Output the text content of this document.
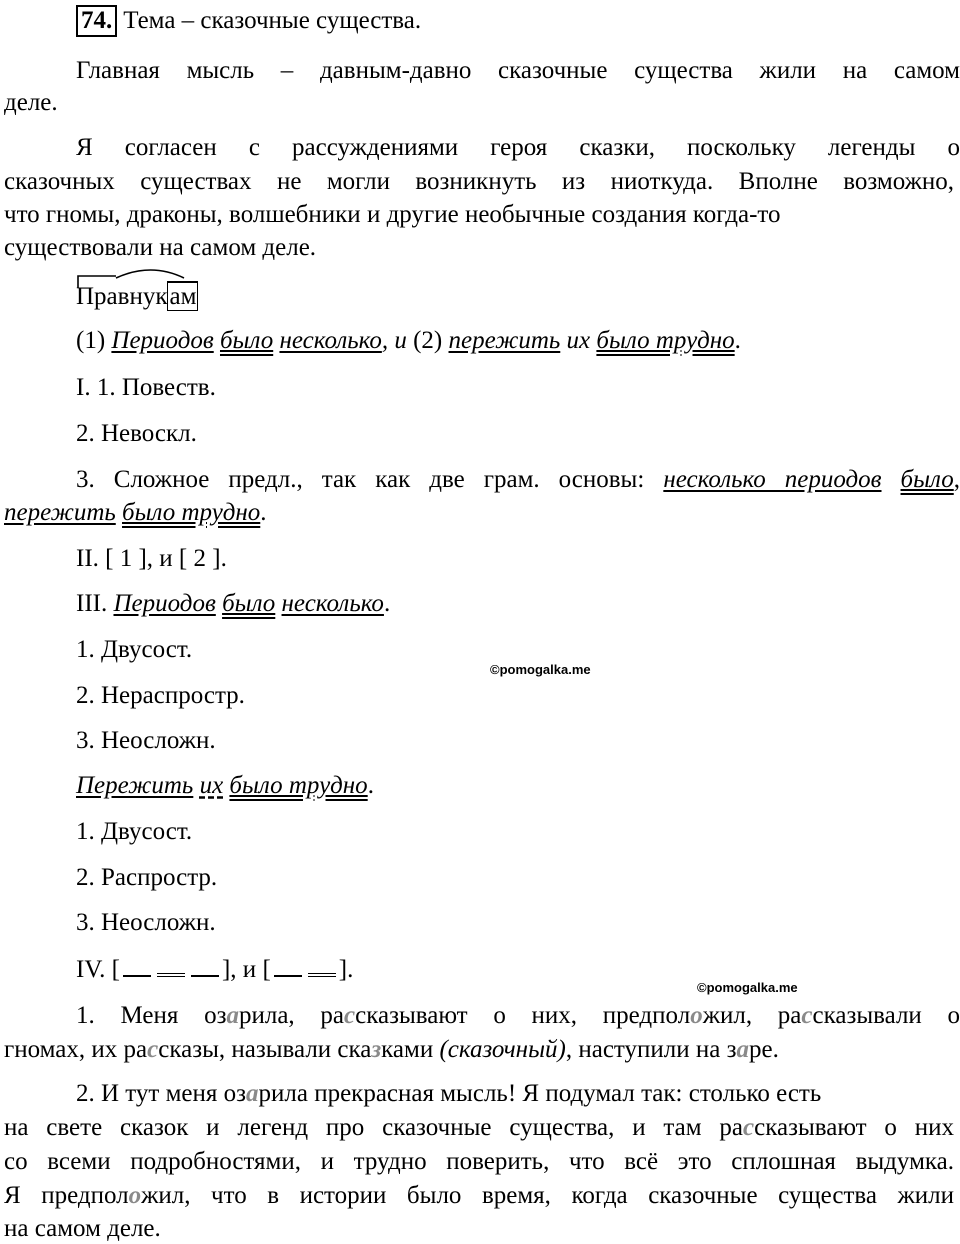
74. Тема – сказочные существа.
Главная мысль – давным-давно сказочные существа жили на самом
деле.
Я согласен с рассуждениями героя сказки, поскольку легенды о
сказочных существах не могли возникнуть из ниоткуда. Вполне возможно,
что гномы, драконы, волшебники и другие необычные создания когда-то
существовали на самом деле.
Правнукам
(1) Периодов было несколько, и (2) пережить их было трудно.
I. 1. Повеств.
2. Невоскл.
3. Сложное предл., так как две грам. основы: несколько периодов было,
пережить было трудно.
II. [ 1 ], и [ 2 ].
III. Периодов было несколько.
1. Двусост.
©pomogalka.me
2. Нераспростр.
3. Неосложн.
Пережить их было трудно.
1. Двусост.
2. Распростр.
3. Неосложн.
IV. [	], и [	].
©pomogalka.me
1. Меня озарила, рассказывают о них, предположил, рассказывали о
гномах, их рассказы, называли сказками (сказочный), наступили на заре.
2. И тут меня озарила прекрасная мысль! Я подумал так: столько есть
на свете сказок и легенд про сказочные существа, и там рассказывают о них
со всеми подробностями, и трудно поверить, что всё это сплошная выдумка.
Я предположил, что в истории было время, когда сказочные существа жили
на самом деле.
